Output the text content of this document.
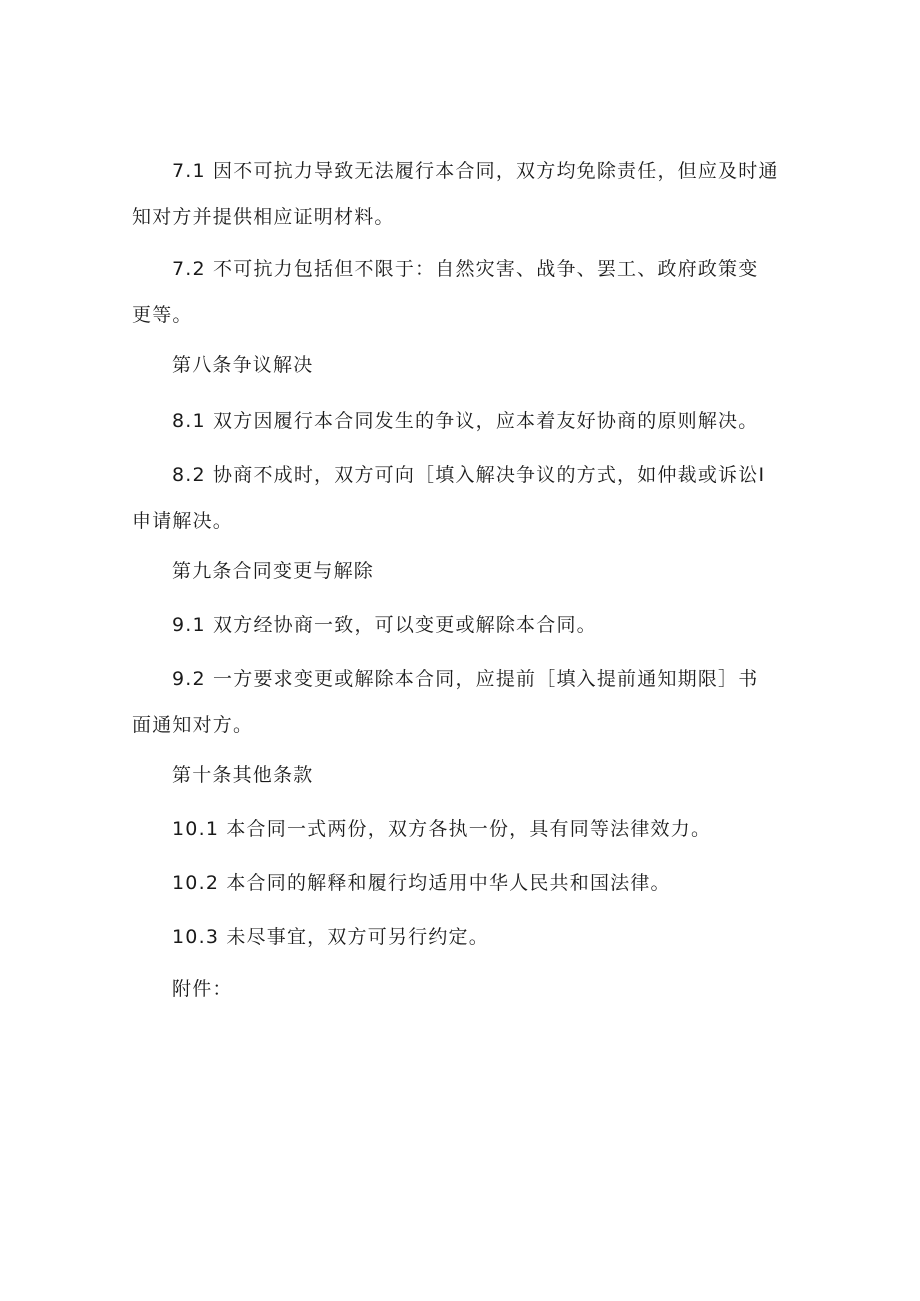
7.1 因不可抗力导致无法履行本合同，双方均免除责任，但应及时通
知对方并提供相应证明材料。
7.2 不可抗力包括但不限于：自然灾害、战争、罢工、政府政策变
更等。
第八条争议解决
8.1 双方因履行本合同发生的争议，应本着友好协商的原则解决。
8.2 协商不成时，双方可向［填入解决争议的方式，如仲裁或诉讼I
申请解决。
第九条合同变更与解除
9.1 双方经协商一致，可以变更或解除本合同。
9.2 一方要求变更或解除本合同，应提前［填入提前通知期限］书
面通知对方。
第十条其他条款
10.1 本合同一式两份，双方各执一份，具有同等法律效力。
10.2 本合同的解释和履行均适用中华人民共和国法律。
10.3 未尽事宜，双方可另行约定。
附件：
